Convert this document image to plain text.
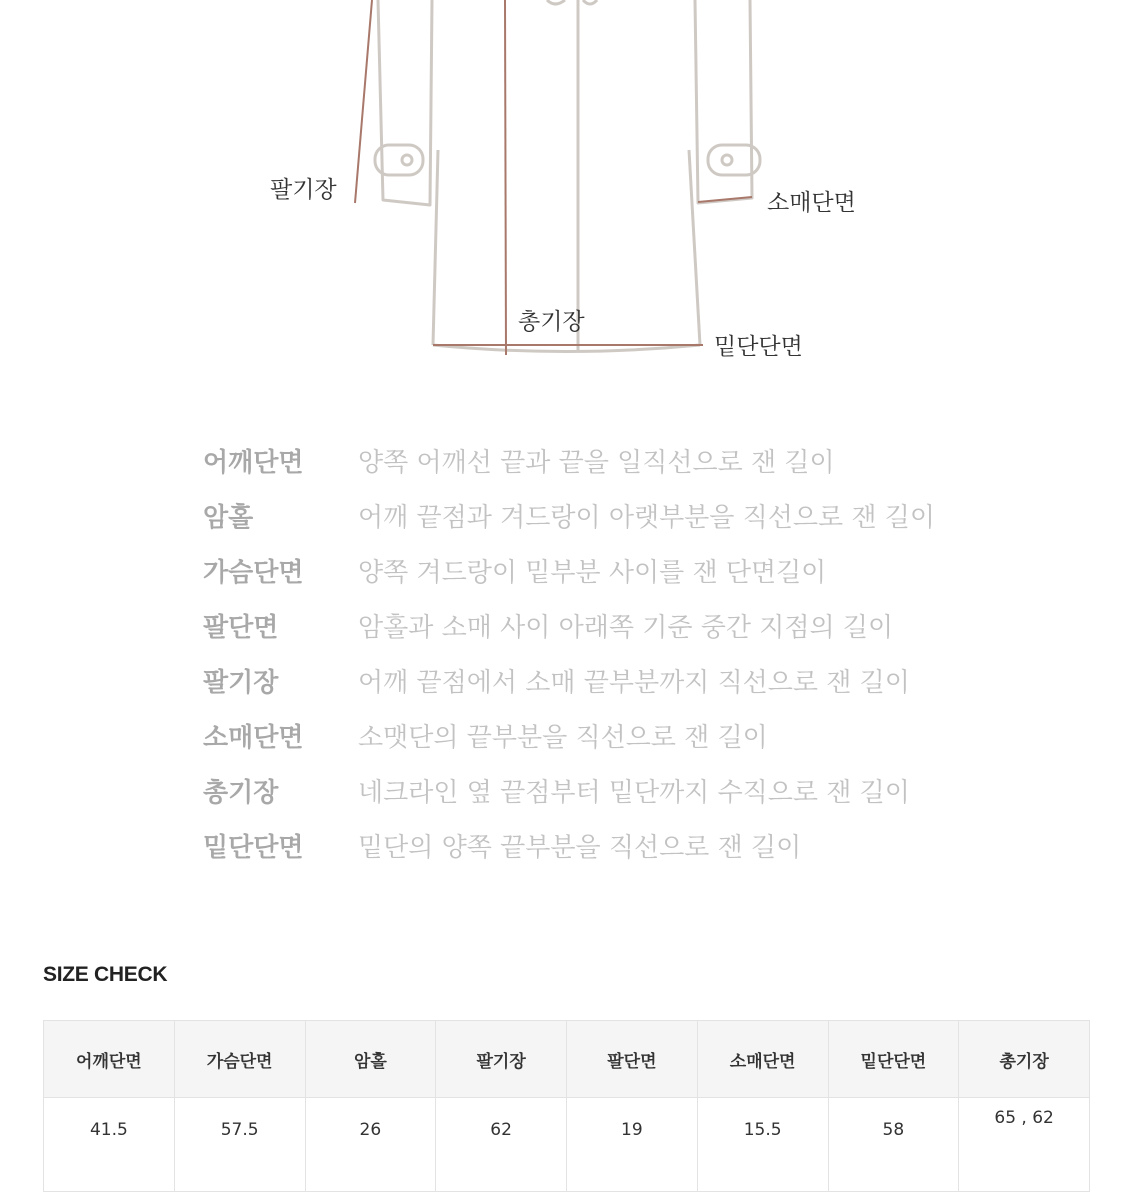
팔기장	소매단면
총기장
밑단단면
어깨단면	양쪽 어깨선 끝과 끝을 일직선으로 잰 길이
암홀	어깨 끝점과 겨드랑이 아랫부분을 직선으로 잰 길이
가슴단면	양쪽 겨드랑이 밑부분 사이를 잰 단면길이
팔단면	암홀과 소매 사이 아래쪽 기준 중간 지점의 길이
팔기장	어깨 끝점에서 소매 끝부분까지 직선으로 잰 길이
소매단면	소맷단의 끝부분을 직선으로 잰 길이
총기장	네크라인 옆 끝점부터 밑단까지 수직으로 잰 길이
밑단단면	밑단의 양쪽 끝부분을 직선으로 잰 길이
SIZE CHECK
어깨단면	가슴단면	암홀	팔기장	팔단면	소매단면	밑단단면	총기장
41.5	57.5	26	62	19	15.5	58	65 , 62
